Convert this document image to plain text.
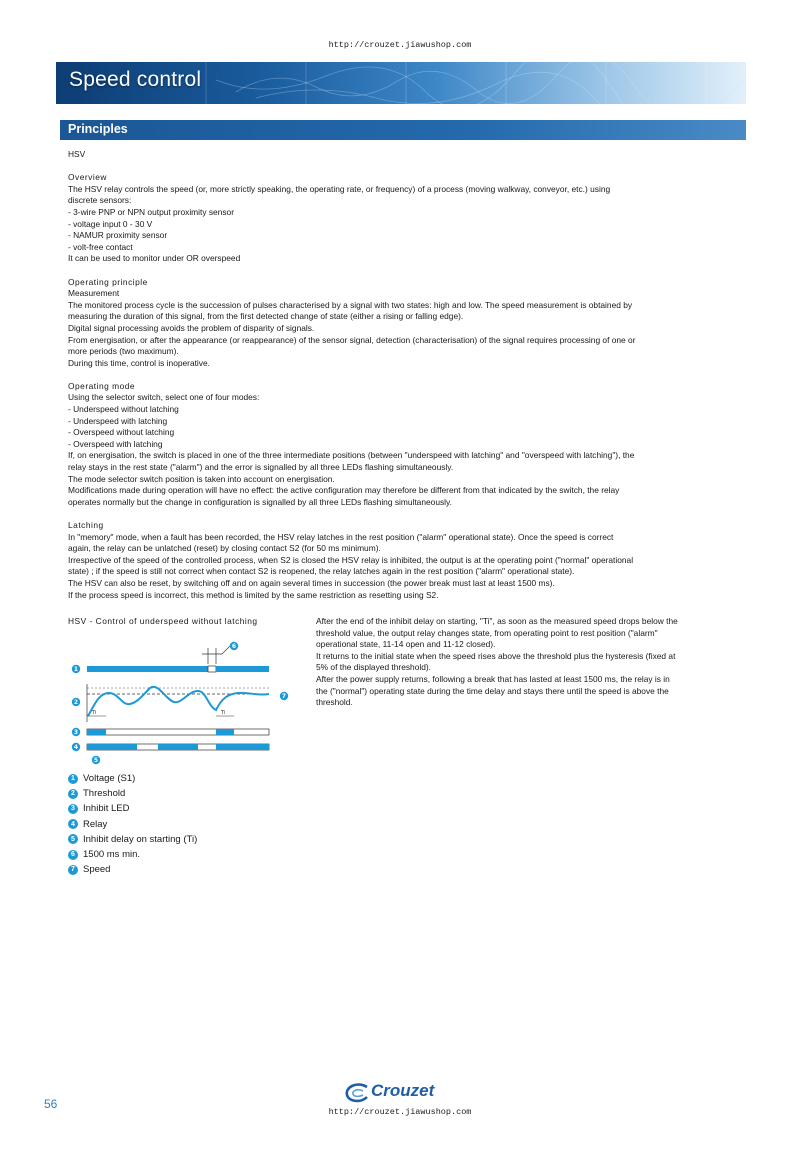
http://crouzet.jiawushop.com
Speed control
Principles

HSV

Overview

The HSV relay controls the speed (or, more strictly speaking, the operating rate, or frequency) of a process (moving walkway, conveyor, etc.) using

discrete sensors:

- 3-wire PNP or NPN output proximity sensor

- voltage input 0 - 30 V

- NAMUR proximity sensor

- volt-free contact

It can be used to monitor under OR overspeed

Operating principle

Measurement

The monitored process cycle is the succession of pulses characterised by a signal with two states: high and low. The speed measurement is obtained by

measuring the duration of this signal, from the first detected change of state (either a rising or falling edge).

Digital signal processing avoids the problem of disparity of signals.

From energisation, or after the appearance (or reappearance) of the sensor signal, detection (characterisation) of the signal requires processing of one or

more periods (two maximum).

During this time, control is inoperative.

Operating mode

Using the selector switch, select one of four modes:

- Underspeed without latching

- Underspeed with latching

- Overspeed without latching

- Overspeed with latching

If, on energisation, the switch is placed in one of the three intermediate positions (between "underspeed with latching" and "overspeed with latching"), the

relay stays in the rest state ("alarm") and the error is signalled by all three LEDs flashing simultaneously.

The mode selector switch position is taken into account on energisation.

Modifications made during operation will have no effect: the active configuration may therefore be different from that indicated by the switch, the relay

operates normally but the change in configuration is signalled by all three LEDs flashing simultaneously.

Latching

In "memory" mode, when a fault has been recorded, the HSV relay latches in the rest position ("alarm" operational state). Once the speed is correct

again, the relay can be unlatched (reset) by closing contact S2 (for 50 ms minimum).

Irrespective of the speed of the controlled process, when S2 is closed the HSV relay is inhibited, the output is at the operating point ("normal" operational

state) ; if the speed is still not correct when contact S2 is reopened, the relay latches again in the rest position ("alarm" operational state).

The HSV can also be reset, by switching off and on again several times in succession (the power break must last at least 1500 ms).

If the process speed is incorrect, this method is limited by the same restriction as resetting using S2.

HSV - Control of underspeed without latching
Ti	Ti
1
2
3
4
5
6
7
1 Voltage (S1)
2 Threshold
3 Inhibit LED
4 Relay
5 Inhibit delay on starting (Ti)
6 1500 ms min.
7 Speed

After the end of the inhibit delay on starting, "Ti", as soon as the measured speed drops below the

threshold value, the output relay changes state, from operating point to rest position ("alarm"

operational state, 11-14 open and 11-12 closed).

It returns to the initial state when the speed rises above the threshold plus the hysteresis (fixed at

5% of the displayed threshold).

After the power supply returns, following a break that has lasted at least 1500 ms, the relay is in

the ("normal") operating state during the time delay and stays there until the speed is above the

threshold.

56
Crouzet
http://crouzet.jiawushop.com
